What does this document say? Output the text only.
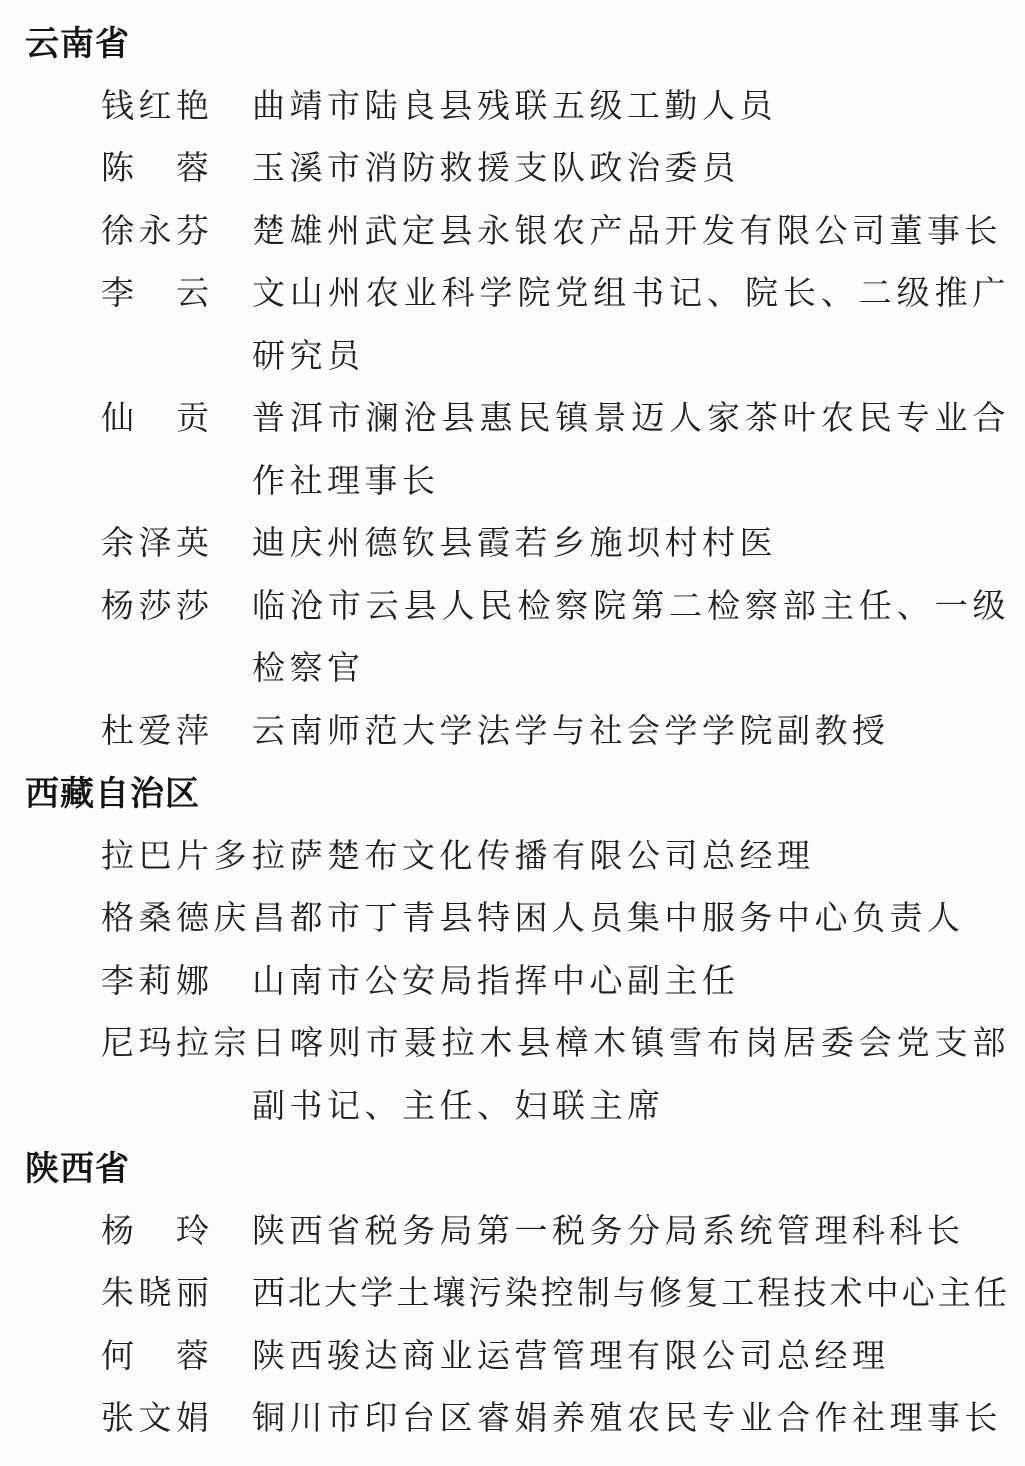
云南省
钱红艳	曲靖市陆良县残联五级工勤人员
陈　蓉	玉溪市消防救援支队政治委员
徐永芬	楚雄州武定县永银农产品开发有限公司董事长
李　云	文山州农业科学院党组书记、院长、二级推广
研究员
仙　贡	普洱市澜沧县惠民镇景迈人家茶叶农民专业合
作社理事长
余泽英	迪庆州德钦县霞若乡施坝村村医
杨莎莎	临沧市云县人民检察院第二检察部主任、一级
检察官
杜爱萍	云南师范大学法学与社会学学院副教授
西藏自治区
拉巴片多 拉萨楚布文化传播有限公司总经理
格桑德庆 昌都市丁青县特困人员集中服务中心负责人
李莉娜	山南市公安局指挥中心副主任
尼玛拉宗 日喀则市聂拉木县樟木镇雪布岗居委会党支部
副书记、主任、妇联主席
陕西省
杨　玲	陕西省税务局第一税务分局系统管理科科长
朱晓丽	西北大学土壤污染控制与修复工程技术中心主任
何　蓉	陕西骏达商业运营管理有限公司总经理
张文娟	铜川市印台区睿娟养殖农民专业合作社理事长
